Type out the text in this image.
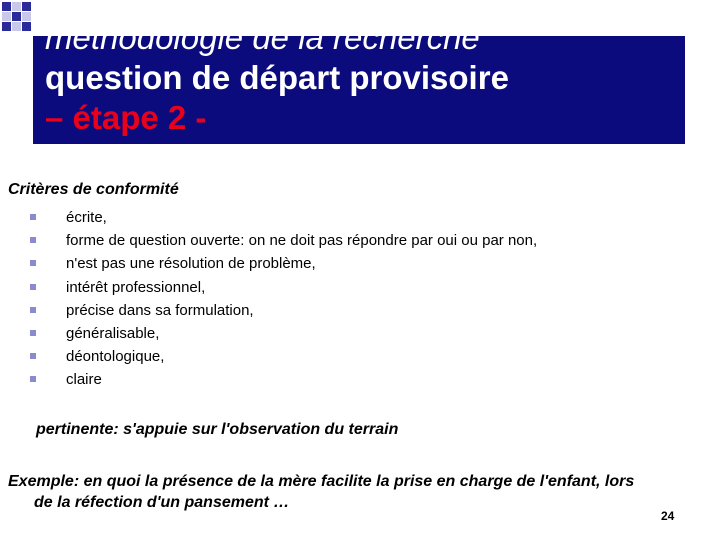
méthodologie de la recherche
question de départ provisoire
– étape 2 -
Critères de conformité
écrite,
forme de question ouverte: on ne doit pas répondre par oui ou par non,
n'est pas une résolution de problème,
intérêt professionnel,
précise dans sa formulation,
généralisable,
déontologique,
claire
pertinente: s'appuie sur l'observation du terrain
Exemple: en quoi la présence de la mère facilite la prise en charge de l'enfant, lors
de la réfection d'un pansement …
24
